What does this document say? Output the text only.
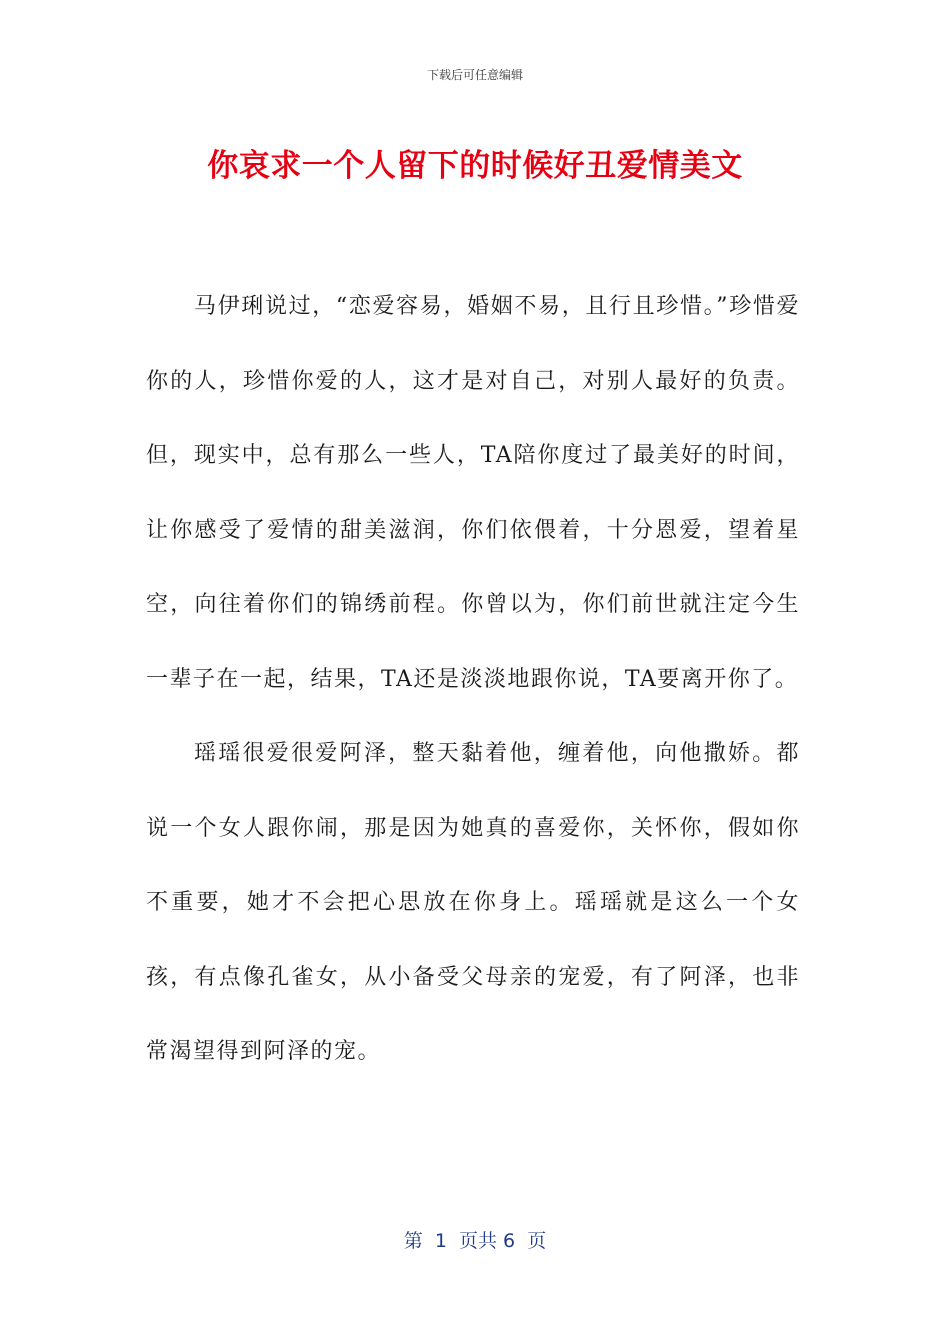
下载后可任意编辑
你哀求一个人留下的时候好丑爱情美文

马伊琍说过，“恋爱容易，婚姻不易，且行且珍惜。”珍惜爱你的人，珍惜你爱的人，这才是对自己，对别人最好的负责。但，现实中，总有那么一些人，TA陪你度过了最美好的时间，让你感受了爱情的甜美滋润，你们依偎着，十分恩爱，望着星空，向往着你们的锦绣前程。你曾以为，你们前世就注定今生一辈子在一起，结果，TA还是淡淡地跟你说，TA要离开你了。

瑶瑶很爱很爱阿泽，整天黏着他，缠着他，向他撒娇。都说一个女人跟你闹，那是因为她真的喜爱你，关怀你，假如你不重要，她才不会把心思放在你身上。瑶瑶就是这么一个女孩，有点像孔雀女，从小备受父母亲的宠爱，有了阿泽，也非常渴望得到阿泽的宠。

第  1  页共 6  页
